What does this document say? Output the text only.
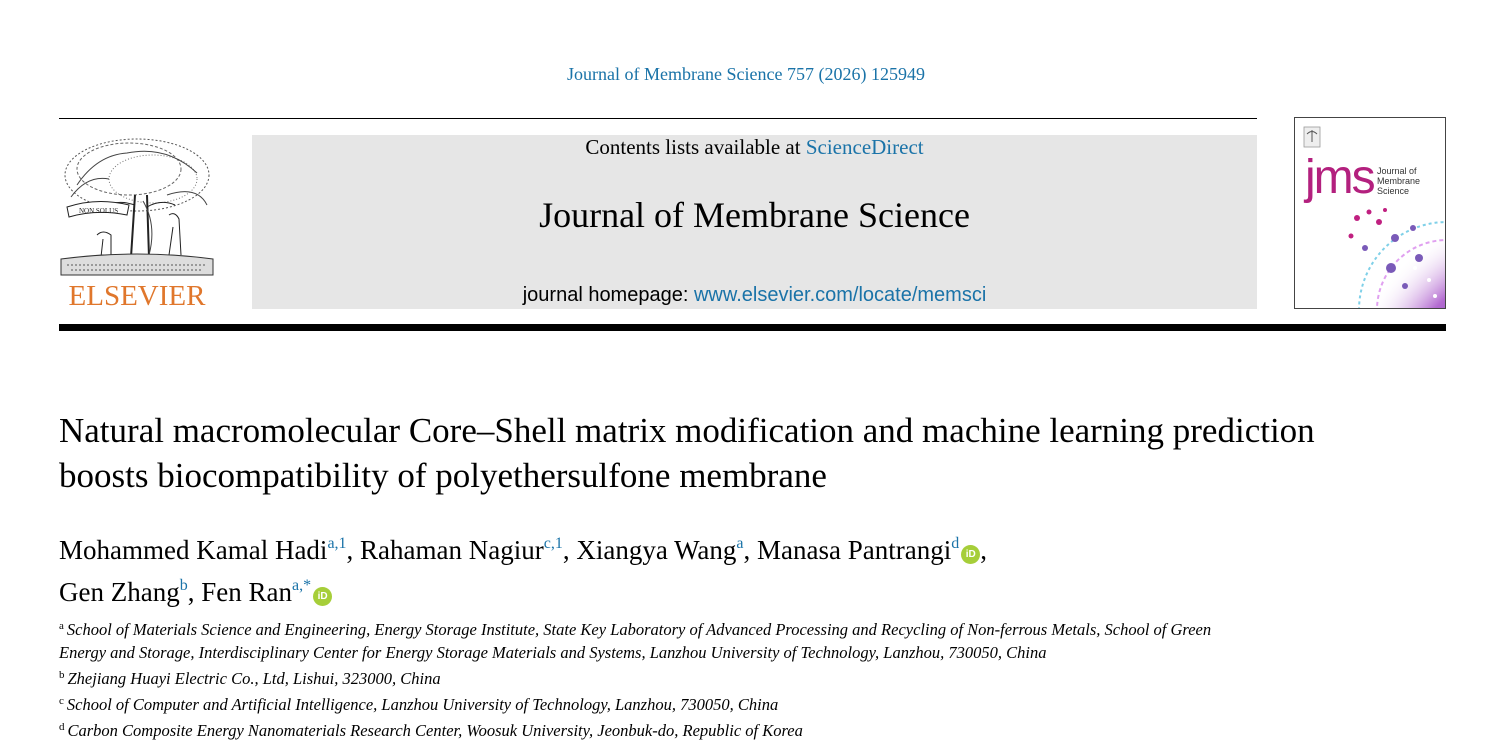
Journal of Membrane Science 757 (2026) 125949
NON SOLUS
ELSEVIER
Contents lists available at ScienceDirect
Journal of Membrane Science
journal homepage: www.elsevier.com/locate/memsci
jms Journal of
Membrane
Science
Natural macromolecular Core–Shell matrix modification and machine learning prediction boosts biocompatibility of polyethersulfone membrane
Mohammed Kamal Hadi$^{a,1}$, Rahaman Nagiur$^{c,1}$, Xiangya Wang$^a$, Manasa Pantrangi$^d$iD ,
Gen Zhang$^b$, Fen Ran$^{a,*}$iD

$^a$ School of Materials Science and Engineering, Energy Storage Institute, State Key Laboratory of Advanced Processing and Recycling of Non-ferrous Metals, School of Green Energy and Storage, Interdisciplinary Center for Energy Storage Materials and Systems, Lanzhou University of Technology, Lanzhou, 730050, China

$^b$ Zhejiang Huayi Electric Co., Ltd, Lishui, 323000, China

$^c$ School of Computer and Artificial Intelligence, Lanzhou University of Technology, Lanzhou, 730050, China

$^d$ Carbon Composite Energy Nanomaterials Research Center, Woosuk University, Jeonbuk-do, Republic of Korea
